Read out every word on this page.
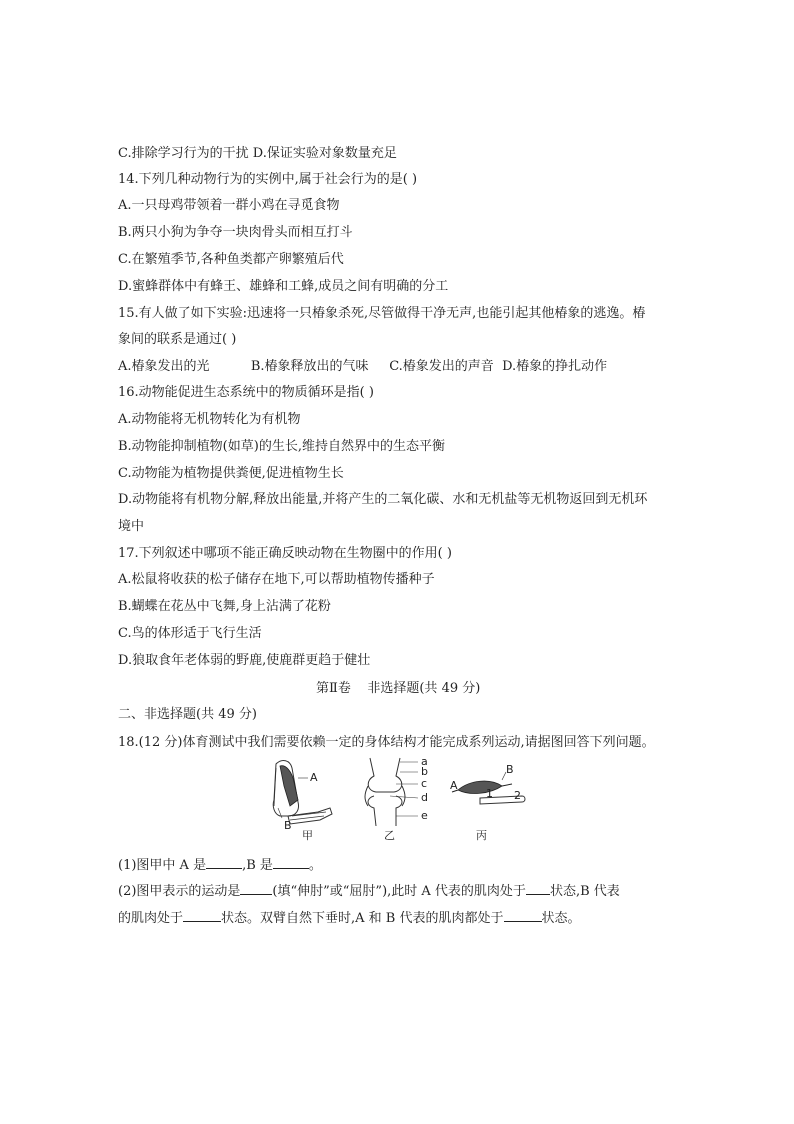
C.排除学习行为的干扰 D.保证实验对象数量充足
14.下列几种动物行为的实例中,属于社会行为的是( )
A.一只母鸡带领着一群小鸡在寻觅食物
B.两只小狗为争夺一块肉骨头而相互打斗
C.在繁殖季节,各种鱼类都产卵繁殖后代
D.蜜蜂群体中有蜂王、雄蜂和工蜂,成员之间有明确的分工
15.有人做了如下实验:迅速将一只椿象杀死,尽管做得干净无声,也能引起其他椿象的逃逸。椿
象间的联系是通过( )
A.椿象发出的光          B.椿象释放出的气味     C.椿象发出的声音  D.椿象的挣扎动作
16.动物能促进生态系统中的物质循环是指( )
A.动物能将无机物转化为有机物
B.动物能抑制植物(如草)的生长,维持自然界中的生态平衡
C.动物能为植物提供粪便,促进植物生长
D.动物能将有机物分解,释放出能量,并将产生的二氧化碳、水和无机盐等无机物返回到无机环
境中
17.下列叙述中哪项不能正确反映动物在生物圈中的作用( )
A.松鼠将收获的松子储存在地下,可以帮助植物传播种子
B.蝴蝶在花丛中飞舞,身上沾满了花粉
C.鸟的体形适于飞行生活
D.狼取食年老体弱的野鹿,使鹿群更趋于健壮
第Ⅱ卷    非选择题(共 49 分)
二、非选择题(共 49 分)
18.(12 分)体育测试中我们需要依赖一定的身体结构才能完成系列运动,请据图回答下列问题。
A
B
甲
a
b
c
d
e
乙
A
B
1 2
丙
(1)图甲中 A 是	,B 是	。
(2)图甲表示的运动是 (填“伸肘”或“屈肘”),此时 A 代表的肌肉处于 状态,B 代表
的肌肉处于	状态。双臂自然下垂时,A 和 B 代表的肌肉都处于	状态。
